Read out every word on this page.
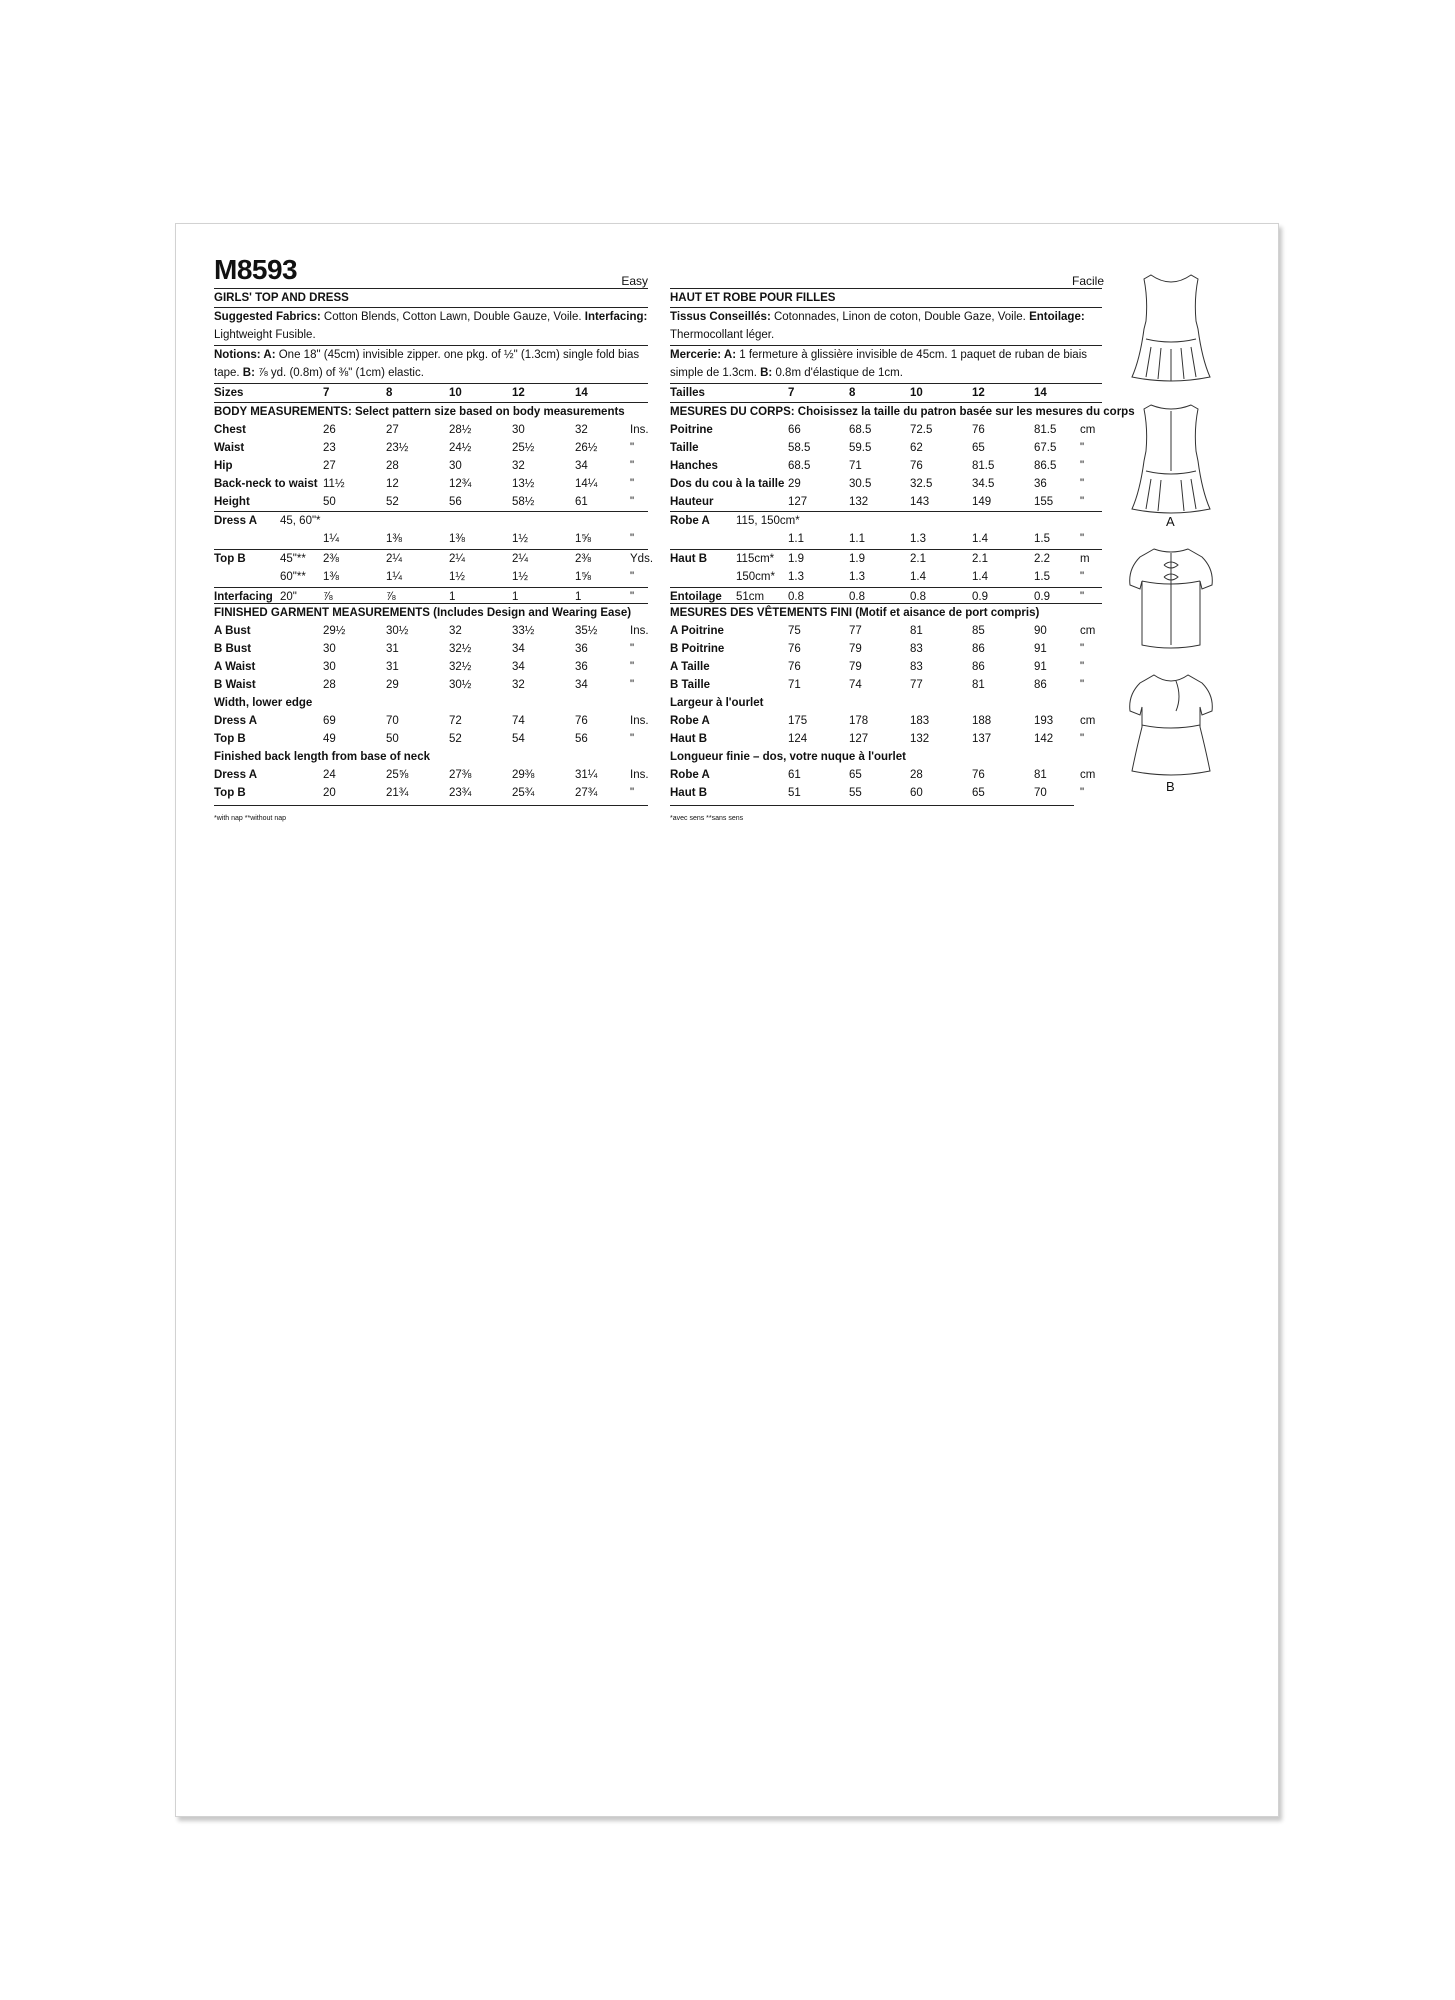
M8593	Easy
GIRLS' TOP AND DRESS
Suggested Fabrics: Cotton Blends, Cotton Lawn, Double Gauze, Voile. Interfacing: Lightweight Fusible.
Notions: A: One 18" (45cm) invisible zipper. one pkg. of ½" (1.3cm) single fold bias tape. B: ⅞ yd. (0.8m) of ⅜" (1cm) elastic.
Sizes	7	8	10	12	14
BODY MEASUREMENTS: Select pattern size based on body measurements
FINISHED GARMENT MEASUREMENTS (Includes Design and Wearing Ease)
Width, lower edge
Finished back length from base of neck
*with nap **without nap
Chest	26	27	28½	30	32	Ins.
Waist	23	23½	24½	25½	26½	"
Hip	27	28	30	32	34	"
Back-neck to waist 11½	12	12¾	13½	14¼	"
Height	50	52	56	58½	61	"
Dress A 45, 60"*
1¼	1⅜	1⅜	1½	1⅝	"
Top B	45"** 2⅜	2¼	2¼	2¼	2⅜	Yds.
60"** 1⅜	1¼	1½	1½	1⅝	"
Interfacing 20" ⅞	⅞	1	1	1	"
A Bust	29½	30½	32	33½	35½	Ins.
B Bust	30	31	32½	34	36	"
A Waist	30	31	32½	34	36	"
B Waist	28	29	30½	32	34	"
Dress A	69	70	72	74	76	Ins.
Top B	49	50	52	54	56	"
Dress A	24	25⅝	27⅜	29⅜	31¼	Ins.
Top B	20	21¾	23¾	25¾	27¾	"
Facile
HAUT ET ROBE POUR FILLES
Tissus Conseillés: Cotonnades, Linon de coton, Double Gaze, Voile. Entoilage: Thermocollant léger.
Mercerie: A: 1 fermeture à glissière invisible de 45cm. 1 paquet de ruban de biais simple de 1.3cm. B: 0.8m d'élastique de 1cm.
Tailles	7	8	10	12	14
MESURES DU CORPS: Choisissez la taille du patron basée sur les mesures du corps
MESURES DES VÊTEMENTS FINI (Motif et aisance de port compris)
Largeur à l'ourlet
Longueur finie – dos, votre nuque à l'ourlet
*avec sens **sans sens
Poitrine	66	68.5	72.5	76	81.5 cm
Taille	58.5	59.5	62	65	67.5 "
Hanches	68.5	71	76	81.5	86.5 "
Dos du cou à la taille 29	30.5	32.5	34.5	36	"
Hauteur	127	132	143	149	155 "
Robe A 115, 150cm*
1.1	1.1	1.3	1.4	1.5	"
Haut B	115cm* 1.9	1.9	2.1	2.1	2.2	m
150cm* 1.3	1.3	1.4	1.4	1.5	"
Entoilage 51cm 0.8	0.8	0.8	0.9	0.9	"
A Poitrine	75	77	81	85	90	cm
B Poitrine	76	79	83	86	91	"
A Taille	76	79	83	86	91	"
B Taille	71	74	77	81	86	"
Robe A	175	178	183	188	193 cm
Haut B	124	127	132	137	142 "
Robe A	61	65	28	76	81	cm
Haut B	51	55	60	65	70	"
A
B
